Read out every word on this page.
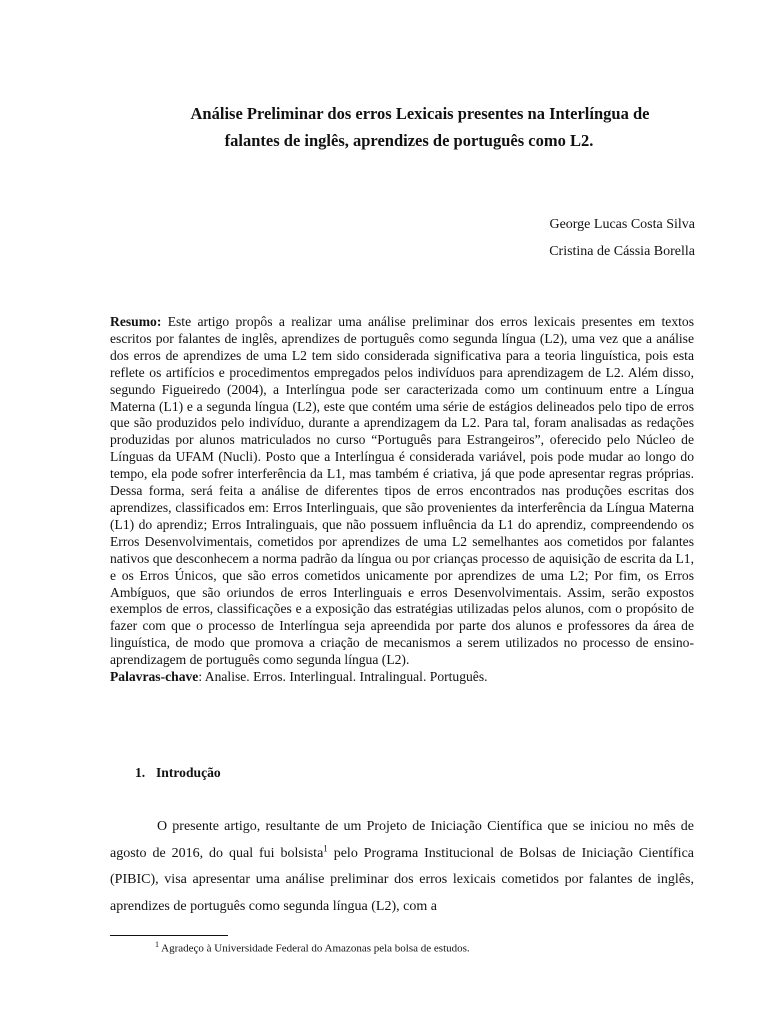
Análise Preliminar dos erros Lexicais presentes na Interlíngua de
falantes de inglês, aprendizes de português como L2.
George Lucas Costa Silva
Cristina de Cássia Borella

Resumo: Este artigo propôs a realizar uma análise preliminar dos erros lexicais presentes em textos escritos por falantes de inglês, aprendizes de português como segunda língua (L2), uma vez que a análise dos erros de aprendizes de uma L2 tem sido considerada significativa para a teoria linguística, pois esta reflete os artifícios e procedimentos empregados pelos indivíduos para aprendizagem de L2. Além disso, segundo Figueiredo (2004), a Interlíngua pode ser caracterizada como um continuum entre a Língua Materna (L1) e a segunda língua (L2), este que contém uma série de estágios delineados pelo tipo de erros que são produzidos pelo indivíduo, durante a aprendizagem da L2. Para tal, foram analisadas as redações produzidas por alunos matriculados no curso “Português para Estrangeiros”, oferecido pelo Núcleo de Línguas da UFAM (Nucli). Posto que a Interlíngua é considerada variável, pois pode mudar ao longo do tempo, ela pode sofrer interferência da L1, mas também é criativa, já que pode apresentar regras próprias. Dessa forma, será feita a análise de diferentes tipos de erros encontrados nas produções escritas dos aprendizes, classificados em: Erros Interlinguais, que são provenientes da interferência da Língua Materna (L1) do aprendiz; Erros Intralinguais, que não possuem influência da L1 do aprendiz, compreendendo os Erros Desenvolvimentais, cometidos por aprendizes de uma L2 semelhantes aos cometidos por falantes nativos que desconhecem a norma padrão da língua ou por crianças processo de aquisição de escrita da L1, e os Erros Únicos, que são erros cometidos unicamente por aprendizes de uma L2; Por fim, os Erros Ambíguos, que são oriundos de erros Interlinguais e erros Desenvolvimentais. Assim, serão expostos exemplos de erros, classificações e a exposição das estratégias utilizadas pelos alunos, com o propósito de fazer com que o processo de Interlíngua seja apreendida por parte dos alunos e professores da área de linguística, de modo que promova a criação de mecanismos a serem utilizados no processo de ensino-aprendizagem de português como segunda língua (L2).

Palavras-chave: Analise. Erros. Interlingual. Intralingual. Português.

1. Introdução

O presente artigo, resultante de um Projeto de Iniciação Científica que se iniciou no mês de agosto de 2016, do qual fui bolsista$^1$ pelo Programa Institucional de Bolsas de Iniciação Científica (PIBIC), visa apresentar uma análise preliminar dos erros lexicais cometidos por falantes de inglês, aprendizes de português como segunda língua (L2), com a

$^1$ Agradeço à Universidade Federal do Amazonas pela bolsa de estudos.
